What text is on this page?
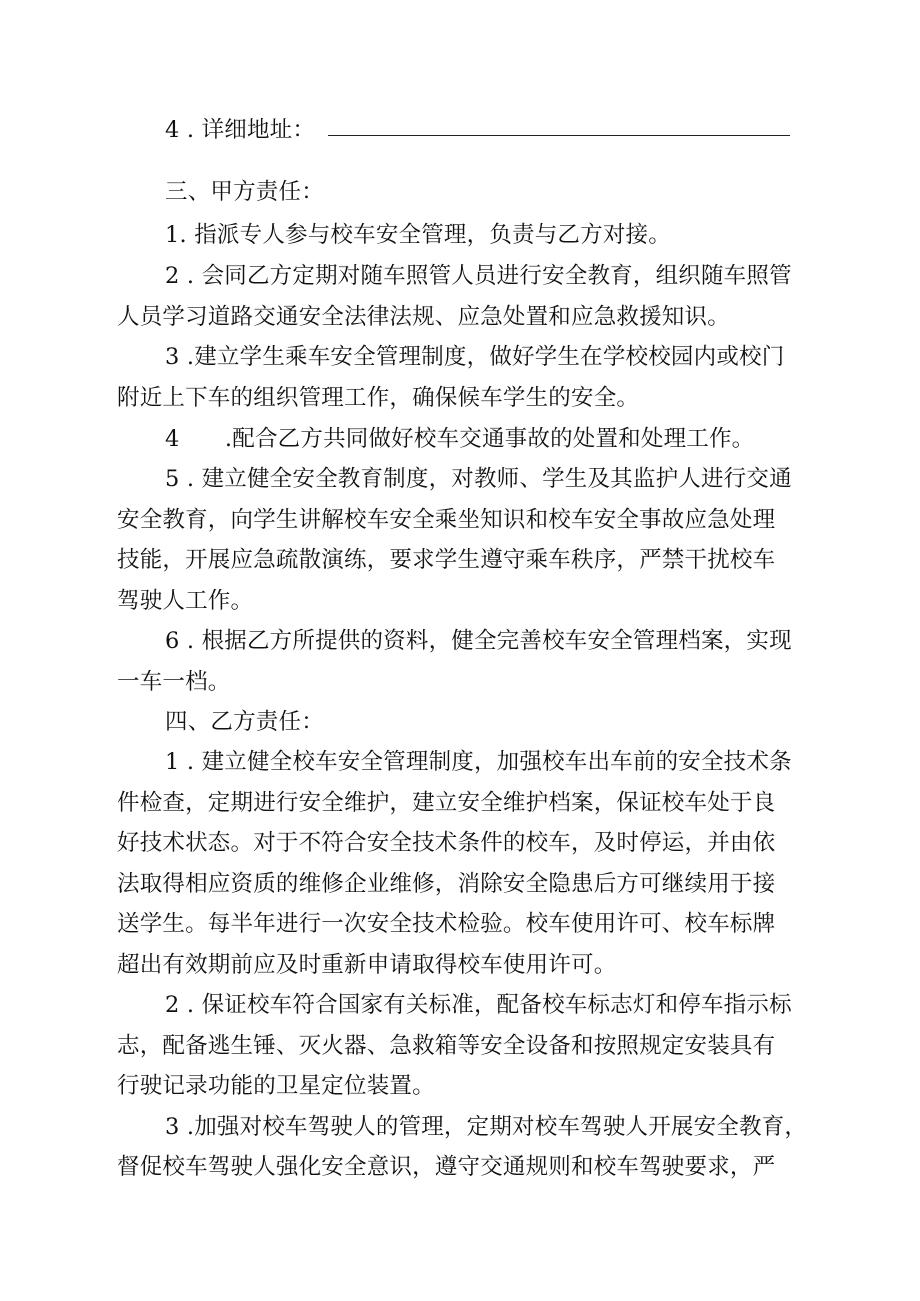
4 . 详细地址：
三、甲方责任：
1. 指派专人参与校车安全管理，负责与乙方对接。
2 . 会同乙方定期对随车照管人员进行安全教育，组织随车照管
人员学习道路交通安全法律法规、应急处置和应急救援知识。
3 .建立学生乘车安全管理制度，做好学生在学校校园内或校门
附近上下车的组织管理工作，确保候车学生的安全。
4　　.配合乙方共同做好校车交通事故的处置和处理工作。
5 . 建立健全安全教育制度，对教师、学生及其监护人进行交通
安全教育，向学生讲解校车安全乘坐知识和校车安全事故应急处理
技能，开展应急疏散演练，要求学生遵守乘车秩序，严禁干扰校车
驾驶人工作。
6 . 根据乙方所提供的资料，健全完善校车安全管理档案，实现
一车一档。
四、乙方责任：
1 . 建立健全校车安全管理制度，加强校车出车前的安全技术条
件检查，定期进行安全维护，建立安全维护档案，保证校车处于良
好技术状态。对于不符合安全技术条件的校车，及时停运，并由依
法取得相应资质的维修企业维修，消除安全隐患后方可继续用于接
送学生。每半年进行一次安全技术检验。校车使用许可、校车标牌
超出有效期前应及时重新申请取得校车使用许可。
2 . 保证校车符合国家有关标准，配备校车标志灯和停车指示标
志，配备逃生锤、灭火器、急救箱等安全设备和按照规定安装具有
行驶记录功能的卫星定位装置。
3 .加强对校车驾驶人的管理，定期对校车驾驶人开展安全教育，
督促校车驾驶人强化安全意识，遵守交通规则和校车驾驶要求，严
